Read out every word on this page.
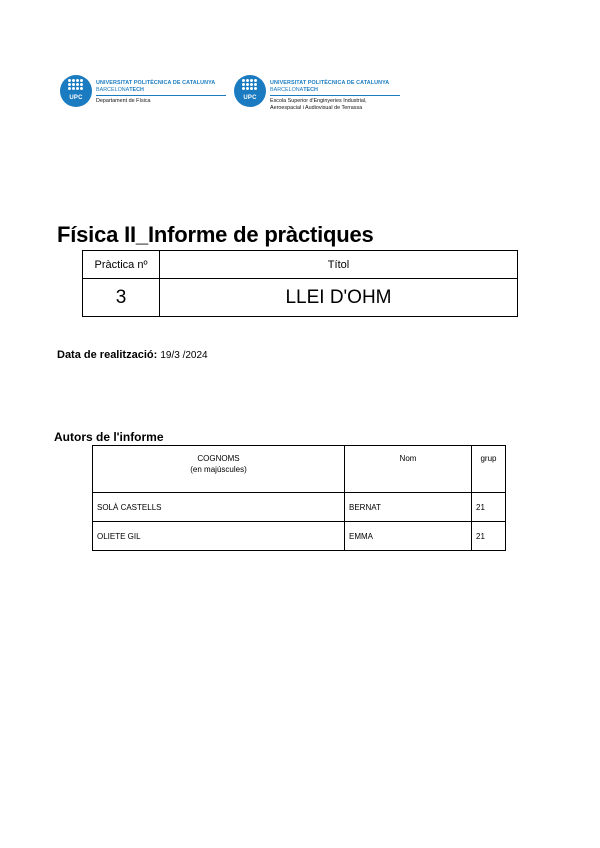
UPC
UNIVERSITAT POLITÈCNICA DE CATALUNYA
BARCELONATECH
Departament de Física	UPC
UNIVERSITAT POLITÈCNICA DE CATALUNYA
BARCELONATECH
Escola Superior d'Enginyeries Industrial,
Aeroespacial i Audiovisual de Terrassa
Física II_Informe de pràctiques
Pràctica nº	Títol
3	LLEI D'OHM
Data de realització: 19/3 /2024
Autors de l'informe
COGNOMS
(en majúscules)	Nom	grup
SOLÀ CASTELLS	BERNAT	21
OLIETE GIL	EMMA	21
